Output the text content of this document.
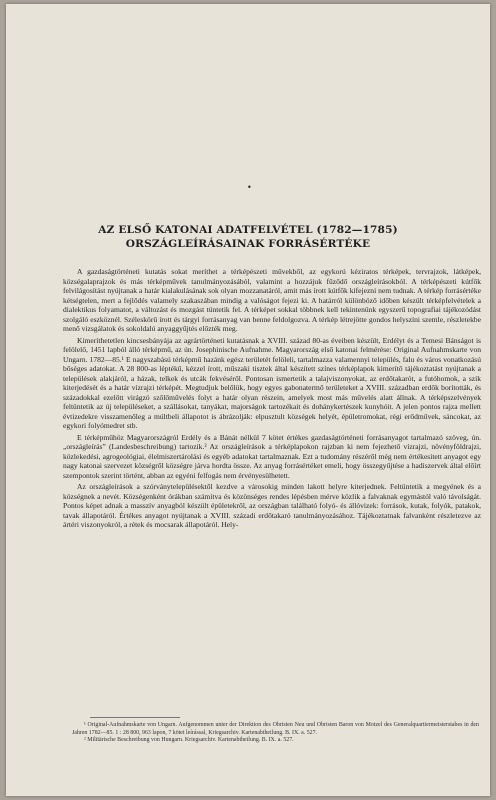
•
AZ ELSŐ KATONAI ADATFELVÉTEL (1782—1785)
ORSZÁGLEÍRÁSAINAK FORRÁSÉRTÉKE

A gazdaságtörténeti kutatás sokat meríthet a térképészeti művekből, az egykorú kéziratos térképek, tervrajzok, látképek, községalaprajzok és más térképművek tanulmányozásából, valamint a hozzájuk fűződő országleírásokból. A térképészeti kútfők felvilágosítást nyújtanak a határ kialakulásának sok olyan mozzanatáról, amit más írott kútfők kifejezni nem tudnak. A térkép forrásértéke kétségtelen, mert a fejlődés valamely szakaszában mindig a valóságot fejezi ki. A határról különböző időben készült térképfelvételek a dialektikus folyamatot, a változást és mozgást tüntetik fel. A térképet sokkal többnek kell tekintenünk egyszerű topografiai tájékozódást szolgáló eszköznél. Széleskörű írott és tárgyi forrásanyag van benne feldolgozva. A térkép létrejötte gondos helyszíni szemle, részletekbe menő vizsgálatok és sokoldalú anyaggyűjtés előzték meg.

Kimeríthetetlen kincsesbányája az agrártörténeti kutatásnak a XVIII. század 80-as éveiben készült, Erdélyt és a Temesi Bánságot is felölelő, 1451 lapból álló térképmű, az ún. Josephinische Aufnahme. Magyarország első katonai felmérése: Original Aufnahmskarte von Ungarn. 1782—85.¹ E nagyszabású térképmű hazánk egész területét felöleli, tartalmazza valamennyi település, falu és város vonatkozású bőséges adatokat. A 28 800-as léptékű, kézzel írott, műszaki tisztek által készített színes térképlapok kimerítő tájékoztatást nyújtanak a települések alakjáról, a házak, telkek és utcák fekvéséről. Pontosan ismertetik a talajviszonyokat, az erdőtakarót, a futóhomok, a szik kiterjedését és a határ vízrajzi térképét. Megtudjuk belőlük, hogy egyes gabonatermő területeket a XVIII. században erdők borították, és századokkal ezelőtt virágzó szőlőművelés folyt a határ olyan részein, amelyek most más művelés alatt állnak. A térképszelvények feltüntetik az új településeket, a szállásokat, tanyákat, majorságok tartozékait és dohánykertészek kunyhóit. A jelen pontos rajza mellett évtizedekre visszamenőleg a múltbeli állapotot is ábrázolják: elpusztult községek helyét, épületromokat, régi erődművek, sáncokat, az egykori folyómedret stb.

E térképműhöz Magyarországról Erdély és a Bánát nélkül 7 kötet értékes gazdaságtörténeti forrásanyagot tartalmazó szöveg, ún. „országleírás” (Landesbeschreibung) tartozik.² Az országleírások a térképlapokon rajzban ki nem fejezhető vízrajzi, növényföldrajzi, közlekedési, agrogeológiai, élelmiszertárolási és egyéb adatokat tartalmaznak. Ezt a tudomány részéről még nem értékesített anyagot egy nagy katonai szervezet községről községre járva hordta össze. Az anyag forrásértéket emeli, hogy összegyűjtése a hadiszervek által előírt szempontok szerint történt, abban az egyéni felfogás nem érvényesülhetett.

Az országleírások a szórványtelepülésektől kezdve a városokig minden lakott helyre kiterjednek. Feltüntetik a megyének és a községnek a nevét. Községenként órákban számítva és közönséges rendes lépésben mérve közlik a falvaknak egymástól való távolságát. Pontos képet adnak a masszív anyagból készült épületekről, az országban található folyó- és állóvizek: források, kutak, folyók, patakok, tavak állapotáról. Értékes anyagot nyújtanak a XVIII. századi erdőtakaró tanulmányozásához. Tájékoztatnak falvankènt részletezve az ártéri viszonyokról, a rétek és mocsarak állapotáról. Hely-

¹ Original-Aufnahmskarte von Ungarn. Aufgenommen unter der Direktion des Obristen Neu und Obristen Baron von Motzel des Generalquartiermeisterstabes in den Jahren 1782—85. 1 : 28 800, 963 lapon, 7 kötet leírással, Kriegsarchiv. Kartenabtheilung. B. IX. a. 527.

² Militärische Beschreibung von Hungarn. Kriegsarchiv. Kartenabtheilung. B. IX. a. 527.
